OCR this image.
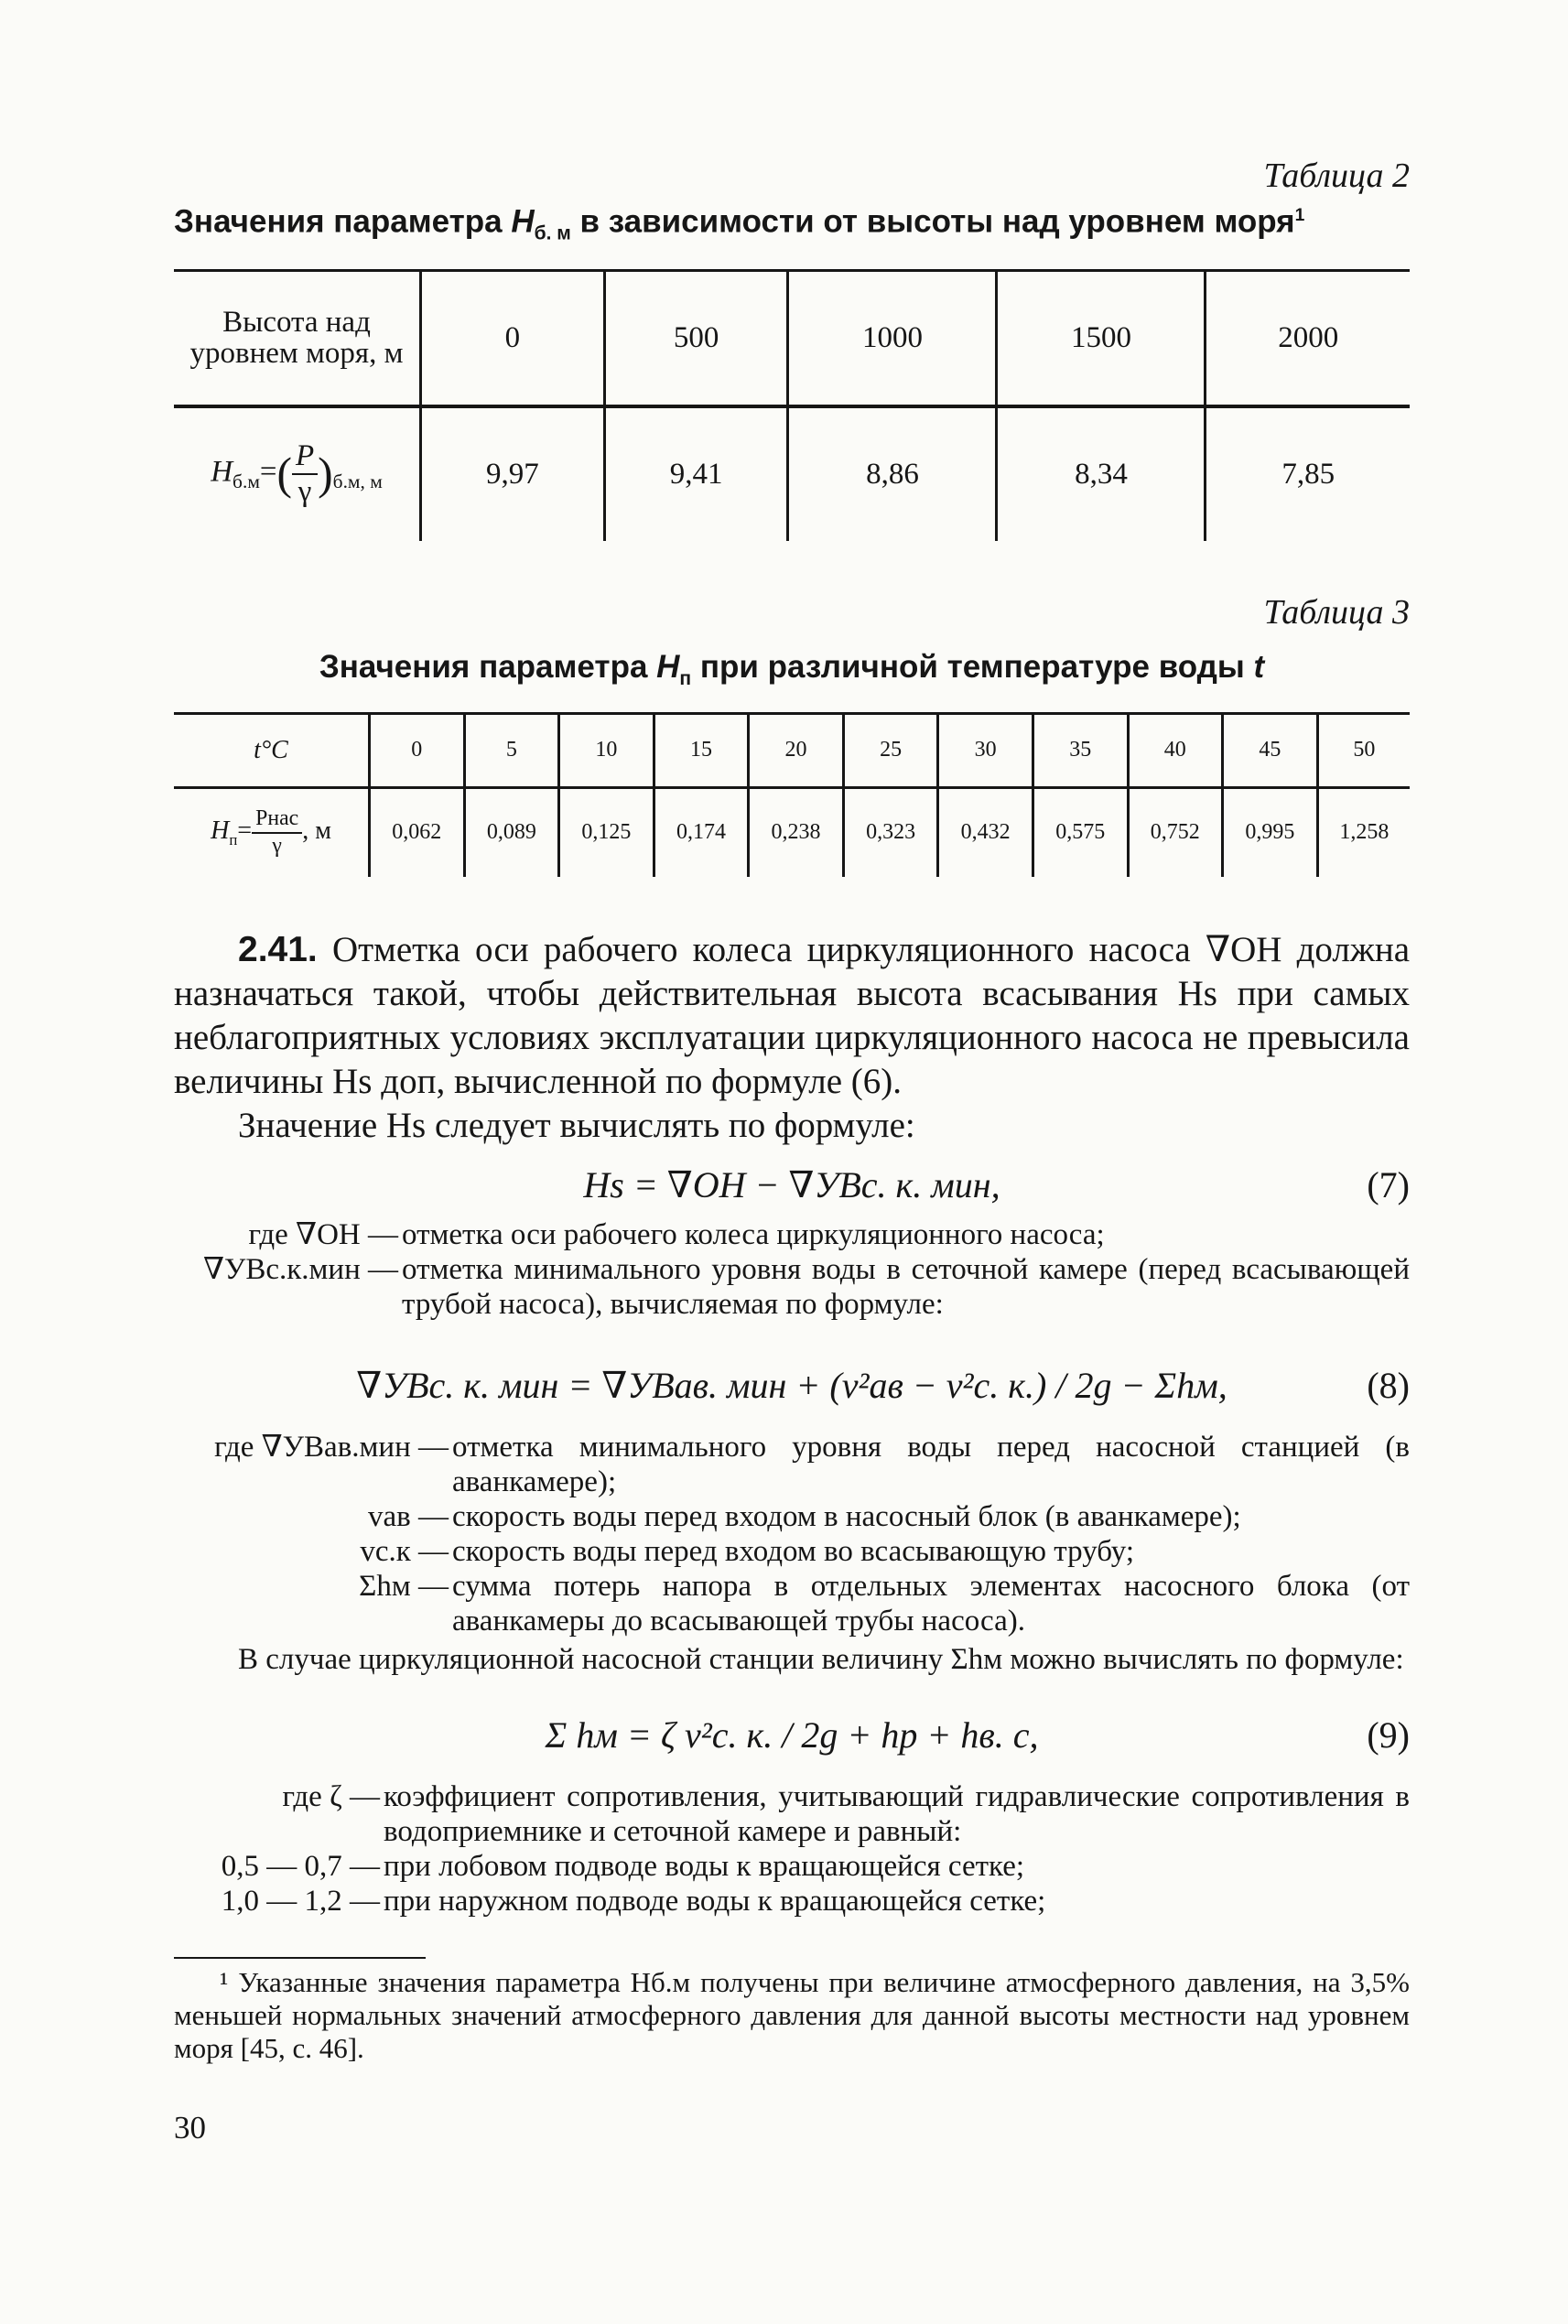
Таблица 2
Значения параметра $H_{б. м}$ в зависимости от высоты над уровнем моря$^1$
Высота над уровнем моря, м	0	500	1000	1500	2000
$H_{б.м}=( \frac{P}{\gamma} )_{б.м, м}$	9,97	9,41	8,86	8,34	7,85
Таблица 3
Значения параметра $H_п$ при различной температуре воды t
t°C	0	5	10	15	20	25	30	35	40	45	50
$H_п= \frac{\text{Pнас}}{\gamma}$ , м	0,062	0,089	0,125	0,174	0,238	0,323	0,432	0,575	0,752	0,995	1,258

2.41. Отметка оси рабочего колеса циркуляционного насоса ∇ОН должна назначаться такой, чтобы действительная высота всасывания Hs при самых неблагоприятных условиях эксплуатации циркуляционного насоса не превысила величины Hs доп, вычисленной по формуле (6).

Значение Hs следует вычислять по формуле:

Hs = ∇OH − ∇УВс. к. мин,	(7)
где ∇ОН — отметка оси рабочего колеса циркуляционного насоса;
∇УВс.к.мин — отметка минимального уровня воды в сеточной камере (перед всасывающей трубой насоса), вычисляемая по формуле:
∇УВс. к. мин = ∇УВав. мин + (v²ав − v²с. к.) / 2g − Σhм,	(8)
где ∇УВав.мин — отметка минимального уровня воды перед насосной станцией (в аванкамере);
vав — скорость воды перед входом в насосный блок (в аванкамере);
vс.к — скорость воды перед входом во всасывающую трубу;
Σhм — сумма потерь напора в отдельных элементах насосного блока (от аванкамеры до всасывающей трубы насоса).

В случае циркуляционной насосной станции величину Σhм можно вычислять по формуле:

Σ hм = ζ v²с. к. / 2g + hр + hв. с,	(9)
где ζ — коэффициент сопротивления, учитывающий гидравлические сопротивления в водоприемнике и сеточной камере и равный:
0,5 — 0,7 — при лобовом подводе воды к вращающейся сетке;
1,0 — 1,2 — при наружном подводе воды к вращающейся сетке;

¹ Указанные значения параметра Hб.м получены при величине атмосферного давления, на 3,5% меньшей нормальных значений атмосферного давления для данной высоты местности над уровнем моря [45, с. 46].

30
